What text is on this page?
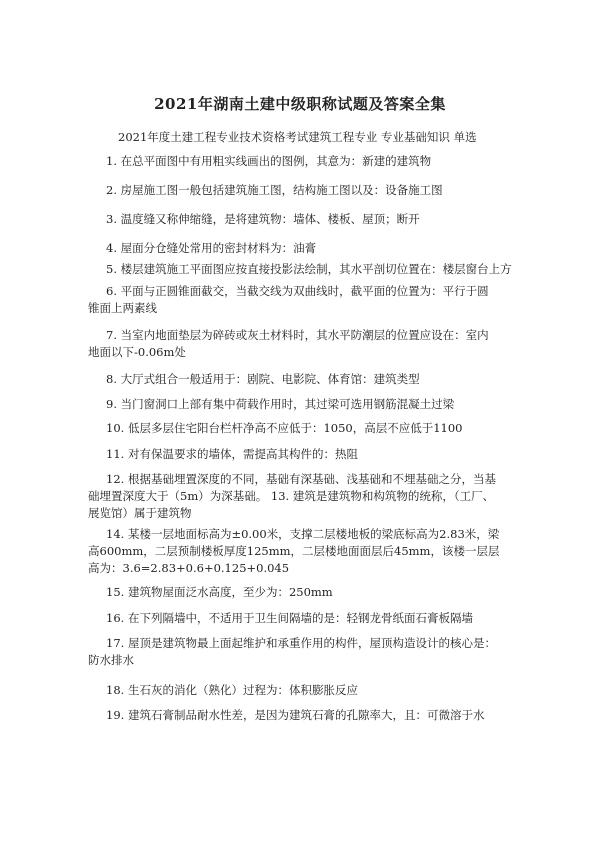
2021年湖南土建中级职称试题及答案全集
2021年度土建工程专业技术资格考试建筑工程专业 专业基础知识 单选
1. 在总平面图中有用粗实线画出的图例，其意为：新建的建筑物
2. 房屋施工图一般包括建筑施工图，结构施工图以及：设备施工图
3. 温度缝又称伸缩缝，是将建筑物：墙体、楼板、屋顶；断开
4. 屋面分仓缝处常用的密封材料为：油膏
5. 楼层建筑施工平面图应按直接投影法绘制，其水平剖切位置在：楼层窗台上方
6. 平面与正圆锥面截交，当截交线为双曲线时，截平面的位置为：平行于圆锥面上两素线
7. 当室内地面垫层为碎砖或灰土材料时，其水平防潮层的位置应设在：室内地面以下-0.06m处
8. 大厅式组合一般适用于：剧院、电影院、体育馆：建筑类型
9. 当门窗洞口上部有集中荷载作用时，其过梁可选用钢筋混凝土过梁
10. 低层多层住宅阳台栏杆净高不应低于：1050，高层不应低于1100
11. 对有保温要求的墙体，需提高其构件的：热阻
12. 根据基础埋置深度的不同，基础有深基础、浅基础和不埋基础之分，当基础埋置深度大于（5m）为深基础。 13. 建筑是建筑物和构筑物的统称，（工厂、展览馆）属于建筑物
14. 某楼一层地面标高为±0.00米，支撑二层楼地板的梁底标高为2.83米，梁高600mm，二层预制楼板厚度125mm，二层楼地面面层后45mm，该楼一层层高为：3.6=2.83+0.6+0.125+0.045
15. 建筑物屋面泛水高度，至少为：250mm
16. 在下列隔墙中，不适用于卫生间隔墙的是：轻钢龙骨纸面石膏板隔墙
17. 屋顶是建筑物最上面起维护和承重作用的构件，屋顶构造设计的核心是：防水排水
18. 生石灰的消化（熟化）过程为：体积膨胀反应
19. 建筑石膏制品耐水性差，是因为建筑石膏的孔隙率大，且：可微溶于水
